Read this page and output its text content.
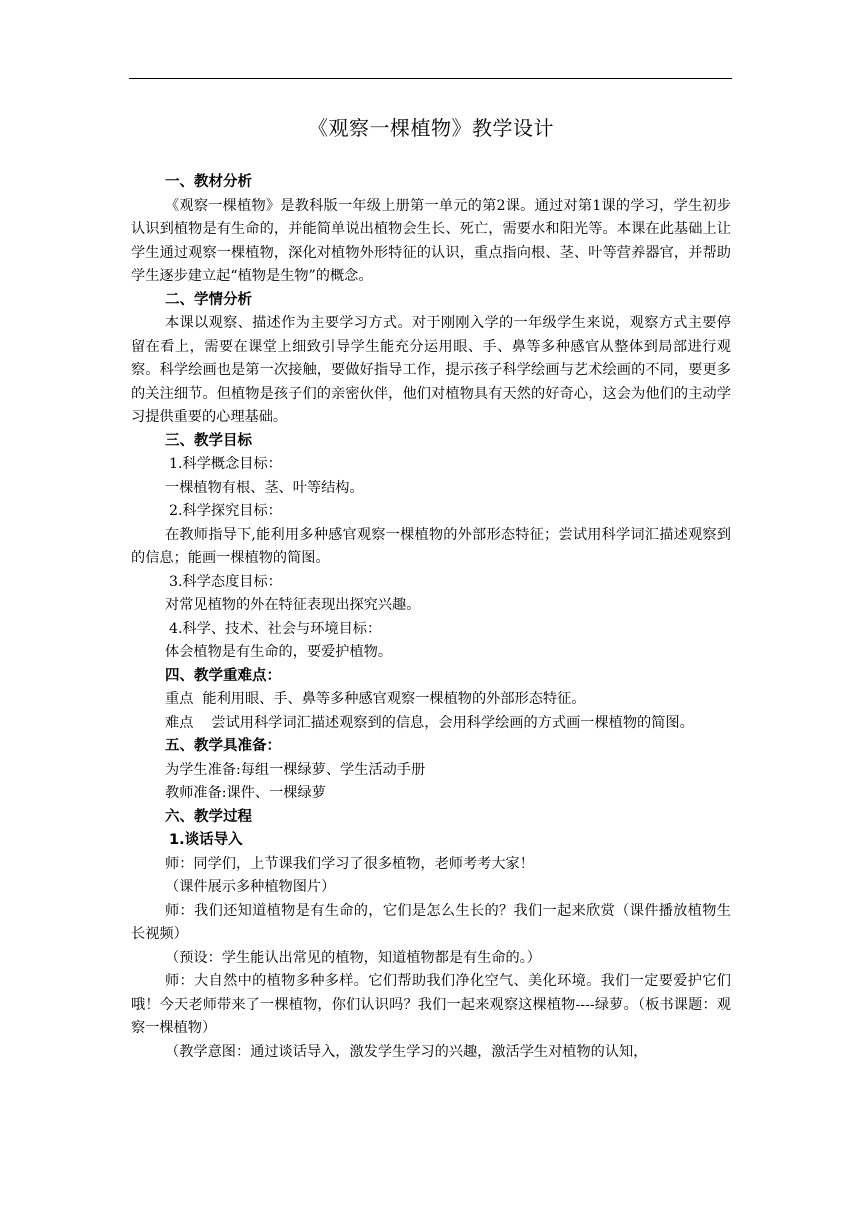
《观察一棵植物》教学设计
一、教材分析

《观察一棵植物》是教科版一年级上册第一单元的第2课。通过对第1课的学习，学生初步认识到植物是有生命的，并能简单说出植物会生长、死亡，需要水和阳光等。本课在此基础上让学生通过观察一棵植物，深化对植物外形特征的认识，重点指向根、茎、叶等营养器官，并帮助学生逐步建立起“植物是生物”的概念。

二、学情分析

本课以观察、描述作为主要学习方式。对于刚刚入学的一年级学生来说，观察方式主要停留在看上，需要在课堂上细致引导学生能充分运用眼、手、鼻等多种感官从整体到局部进行观察。科学绘画也是第一次接触，要做好指导工作，提示孩子科学绘画与艺术绘画的不同，要更多的关注细节。但植物是孩子们的亲密伙伴，他们对植物具有天然的好奇心，这会为他们的主动学习提供重要的心理基础。

三、教学目标

1.科学概念目标：

一棵植物有根、茎、叶等结构。

2.科学探究目标：

在教师指导下,能利用多种感官观察一棵植物的外部形态特征；尝试用科学词汇描述观察到的信息；能画一棵植物的简图。

3.科学态度目标：

对常见植物的外在特征表现出探究兴趣。

4.科学、技术、社会与环境目标：

体会植物是有生命的，要爱护植物。

四、教学重难点：

重点  能利用眼、手、鼻等多种感官观察一棵植物的外部形态特征。

难点    尝试用科学词汇描述观察到的信息，会用科学绘画的方式画一棵植物的简图。

五、教学具准备：

为学生准备:每组一棵绿萝、学生活动手册

教师准备:课件、一棵绿萝

六、教学过程
1.谈话导入

师：同学们，上节课我们学习了很多植物，老师考考大家！

（课件展示多种植物图片）

师：我们还知道植物是有生命的，它们是怎么生长的？我们一起来欣赏（课件播放植物生长视频）

（预设：学生能认出常见的植物，知道植物都是有生命的。）

师：大自然中的植物多种多样。它们帮助我们净化空气、美化环境。我们一定要爱护它们哦！今天老师带来了一棵植物，你们认识吗？我们一起来观察这棵植物----绿萝。（板书课题：观察一棵植物）

（教学意图：通过谈话导入，激发学生学习的兴趣，激活学生对植物的认知，
